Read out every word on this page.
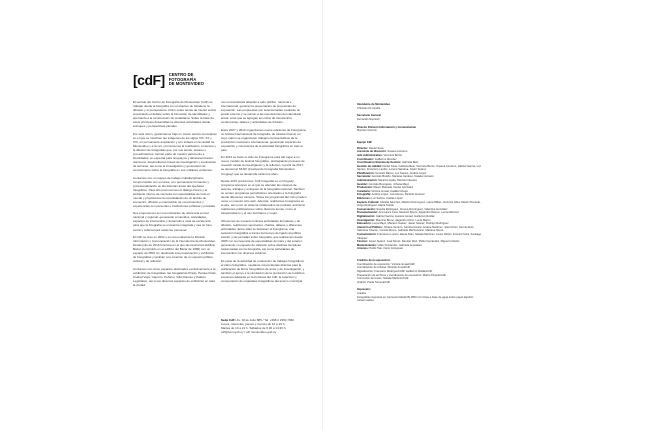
[cdF] CENTRO DE
FOTOGRAFÍA
DE MONTEVIDEO

El sentido del Centro de Fotografía de Montevideo (CdF) es trabajar desde la fotografía con el objetivo de fortalecer la difusión y el pensamiento crítico sobre temas de interés social, propiciando el debate sobre la formación de identidades y aportando a la construcción de ciudadanía. Sobre la base de estos principios desarrollamos diversas actividades desde enfoques y perspectivas plurales.

Por esta razón, gestionamos bajo un marco teórico-conceptual en el que se inscriben las imágenes de los siglos XIX, XX y XXI, en permanente ampliación y con énfasis en la ciudad de Montevideo y a la vez, promovemos la realización, el acceso y la difusión de fotografías que, por sus temas, autores o procedimientos, forman parte de nuestro patrimonio e identidades, en especial para uruguayos y latinoamericanos. Asimismo, desarrollamos líneas de investigación y exploración de técnicas, así como la investigación y generación de conocimiento sobre la fotografía en sus múltiples vertientes.

Contamos con un equipo de trabajo multidisciplinario comprometido con su tarea, con permanente formación y profesionalización en las distintas áreas del quehacer fotográfico. Para ello promovemos el diálogo franco y el ambiente interno de cercanía con especialistas de todo el mundo y propiciamos la consolidación de un ámbito de encuentro, difusión e intercambio de conocimientos y experiencias con personas e instituciones públicas y privadas.

Nos proponemos ser una institución de referencia a nivel nacional y regional, generando contenidos, actividades, espacios de intercambio y desarrollo a nivel de excelencia para que la fotografía se encuentre integrada y sea un bien social y cultural para todas las personas.

El CdF se creó en 2002 y es una unidad de la División Información y Comunicación de la Intendencia de Montevideo. Desde julio de 2015 funciona en el que denominamos Edificio Bazar (construido en el edificio del Bazar de 1890) con un espacio de 2500 m², destinado a la preservación y exhibición de fotografías y también a la creación de un espacio público, cultural y de reflexión.

Contamos con cinco espacios destinados exclusivamente a la exhibición de fotografías: las fotogalerías Prado, Parque Rodó, Ciudad Vieja, Capurro, Peñarol, Villa Dolores y Palacio Legislativo, así como diversos espacios de exhibición en toda la ciudad.

nos convocatorias abiertas a todo público, nacional e internacional, generan la presentación de propuestas de exposición. Las propuestas son seleccionadas mediante un jurado externo y se suman a las exposiciones del calendario anual, a las que se agregan los ciclos de intercambio, conferencias, talleres y actividades de difusión.

Entre 2007 y 2019 organizamos nueve ediciones de Fotograma, un festival internacional de fotografía, de carácter bienal, en cuyo marco se organizaron trabajos representativos de la producción nacional e internacional, generando espacios de exposición y convivencia de la actividad fotográfica en todo el país.

En 2014 se inició el ciclo de Fotograma para dar lugar a un nuevo modelo de festival fotográfico, privilegiando procesos de creación desde la investigación y la reflexión. A partir de 2017, se denominó MUFF (Festival de Fotografía Montevideo Uruguay) que se desarrolla cada tres años.

Desde 2007 producimos 'CdF fotografía en el Uruguay', programa televisivo en el que se abordan las visiones de autores, trabajos y enfoques de la fotografía nacional. También se emiten programas periodísticos orientados a la fotografía desde diferentes campos. Todos los programas del ciclo pueden verse en nuestro sitio web. Además, realizamos Fotograma en el aire, así como un sistema colaborativo de podcast, asimismo realizamos publicaciones sobre diversos temas, como el fotoperiodismo y el uso del blanco y negro.

Ofrecemos de manera continua actividades formativas y de difusión, realizamos seminarios, charlas, talleres y diferentes actividades. Entre ellas se destacan el Fotograma, una selección fotográfica a través del tiempo de ligado al público infantil, y las jornadas sobre fotografía, que realizamos desde 2005 con la presencia de especialistas del país y del exterior, generando un espacio de reflexión sobre distintas temáticas relacionadas con la fotografía, así como actividades de intercambio con diversos públicos.

Es parte de la actividad de producción de trabajos fotográficos el plano fotográfico, mediante convocatorias abiertas para la publicación de libros fotográficos de autor y de investigación, y también el apoyo a la circulación de la producción de fotolibros. Llevamos adelante en la Fototeca del CdF, la colección y conservación de materiales fotográficos del acervo municipal.

Sede CdF: Av. 18 de Julio 885 / Tel: +598 2 1950 7960
Lunes, miércoles, jueves y viernes de 10 a 19 h.
Martes de 10 a 21 h. Sábados de 9.30 a 14.30 h.
cdf@imm.gub.uy / cdf.montevideo.gub.uy
Intendente de Montevideo
Christian Di Candia
Secretario General
Fernando Nopitsch
Director División Información y Comunicación
Marcelo Visconti
Equipo CdF
Director: Daniel Sosa
Asistente de dirección: Susana Centeno
Jefe Administrativo: Verónica Berrio
Coordinador: Guillermo Mendez
Coordinadora Sistema de Gestión: Gabriela Belo
Gestión de calidad: Daniel Sosa, Gabriela Belo, Verónica Berrio, Susana Centeno, Gabriel García, Luz Santos, Francisco Landro, Lorena Santana, Javier Suárez
Planificación: Gonzalo Basso, Luz Santos, Andrés López
Secretaría: Gonzalo Bolaño, Mariana Cardoso, Natalia Carneiro
Administración: Mauricio Ayala, Marcelo Navarro
Gestión: Gonzalo Bourgeois, Johana Mayo
Producción: Mauro Marsella, Daniel González
Curaduría: Victoria Ismael, Natalia Ortega
Fotografía: Andrés López, Luis Alonso, Ricardo Antúnez
Ediciones: Luz Santos, Andrés López
Espacio Cultural: Claudia Sánchez, Martina Domínguez, Laura Millán, Verónica Silva, Martín Piccardo, Jorge Rodríguez, Marta Toledo
Conservación: Sandra Rodríguez, Jimena Domínguez, Valentina González
Documentación: Ana Laura Cora, Mauricio Bruno, Alejandra Moreno, Lucía Martínez
Digitalización: Gabriel García, Jessica Ismael, Guillermo Roldán
Investigación: Mauricio Bruno, Alejandro Nizzo, Lucía Martín
Educación: Lucía Mayo, Mariano Suárez, Javier Suárez, Rodrigo Rodríguez
Atención al Público: Johana Venturo, Sandra Acosta, Andrea Martínez, José Pérez, Dennis Ruiz, Valentina Chacón, Camila Rivero, Gabriela Mazzonzano, Mariana Sirera
Comunicación: Francesco Lucero, Elena Flain, Natalia Martínez, Laura Núñez, Ernesto Solís, Santiago Vásquez
Técnico: Javier Suárez, José Muniz, Damián Ruiz, Pablo Fernández, Miguel Corbello
Mantenimiento: Lilian Fernández, Gabriela Anastasía
Arismos: Pablo Tato, Dario Colognato
Créditos de la exposición:
Coordinación de exposición: Victoria Ismael/CdF
Coordinación de Artistas: Ricardo Amed/CdF
Digitalización: Francisco Rodríguez/CdF Guillermo Roldán/CdF
Preparación de archivos y coordinación de exposición: Martín Picardo/CdF
Corrección de textos: Natalia Martínez/CdF
Gráfica: Paula Tomena/CdF
Impresión:
Artelisa
Fotografías impresas en impresora Model Bj 4800 con tintas a base de agua sobre papel algodón canson atelier.
